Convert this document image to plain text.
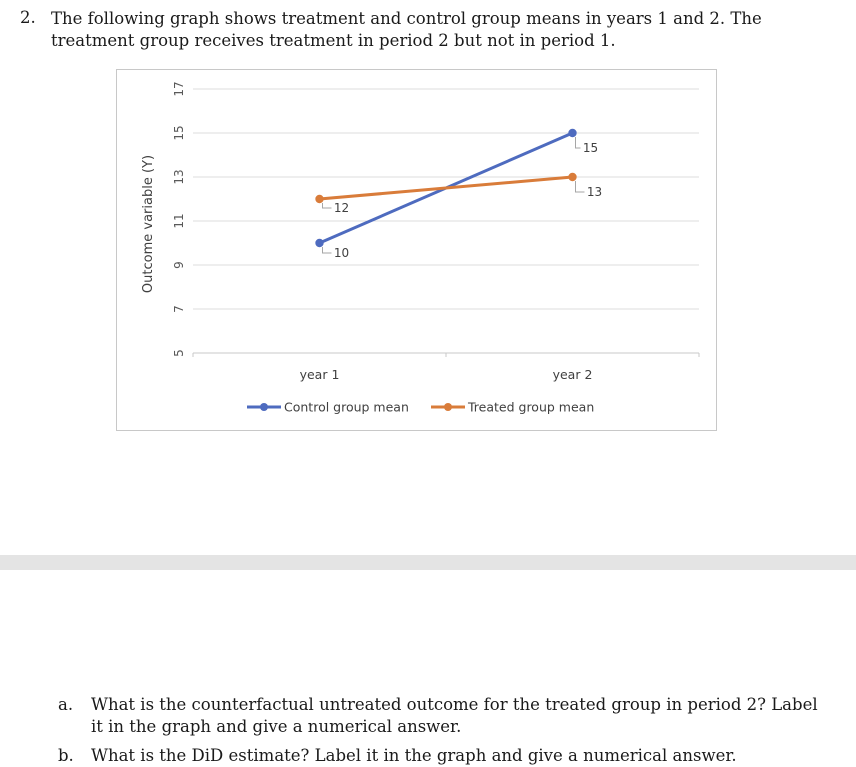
2. The following graph shows treatment and control group means in years 1 and 2. The treatment group receives treatment in period 2 but not in period 1.
5
7
9
11
13
15
17
year 1	year 2
10
15
12
13
Outcome variable (Y)
Control group mean	Treated group mean
a. What is the counterfactual untreated outcome for the treated group in period 2? Label it in the graph and give a numerical answer.
b. What is the DiD estimate? Label it in the graph and give a numerical answer.
